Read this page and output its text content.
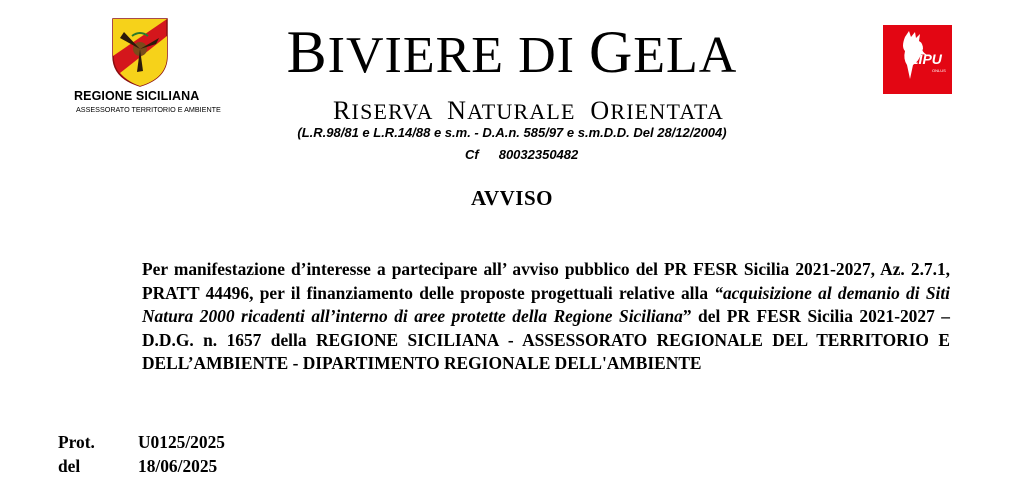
REGIONE SICILIANA
ASSESSORATO TERRITORIO E AMBIENTE
BIVIERE DI GELA
RISERVA NATURALE ORIENTATA
(L.R.98/81 e L.R.14/88 e s.m. - D.A.n. 585/97 e s.m.D.D. Del 28/12/2004)
Cf 80032350482
LIPU
ONLUS
AVVISO
Per manifestazione d’interesse a partecipare all’ avviso pubblico del PR FESR Sicilia 2021-2027, Az. 2.7.1, PRATT 44496, per il finanziamento delle proposte progettuali relative alla “acquisizione al demanio di Siti Natura 2000 ricadenti all’interno di aree protette della Regione Siciliana” del PR FESR Sicilia 2021-2027 – D.D.G. n. 1657 della REGIONE SICILIANA - ASSESSORATO REGIONALE DEL TERRITORIO E DELL’AMBIENTE - DIPARTIMENTO REGIONALE DELL'AMBIENTE
Prot. U0125/2025
del	18/06/2025
